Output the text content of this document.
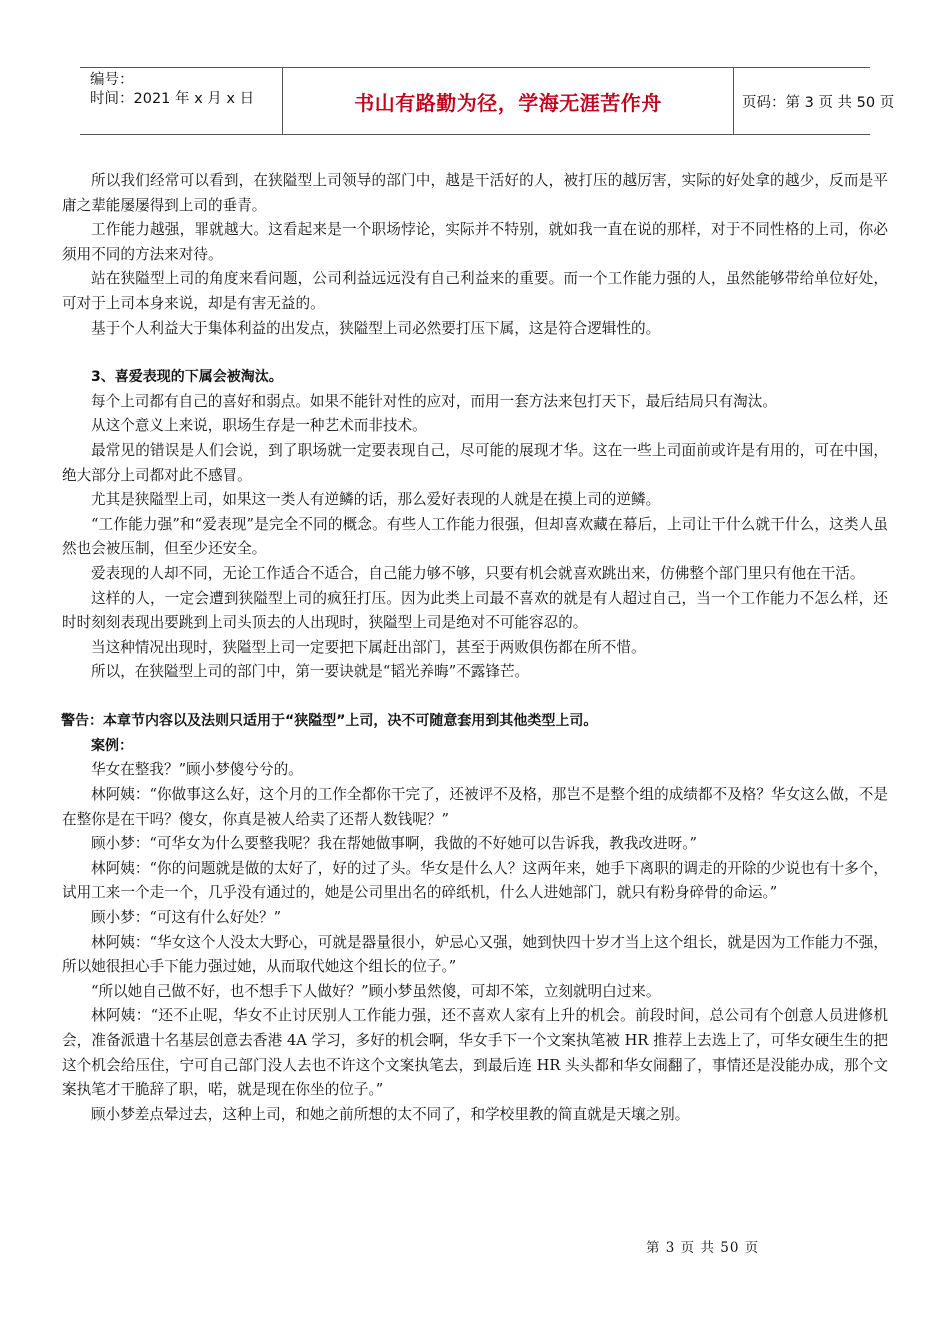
编号：
时间：2021 年 x 月 x 日	书山有路勤为径，学海无涯苦作舟	页码：第 3 页 共 50 页

所以我们经常可以看到，在狭隘型上司领导的部门中，越是干活好的人，被打压的越厉害，实际的好处拿的越少，反而是平庸之辈能屡屡得到上司的垂青。

工作能力越强，罪就越大。这看起来是一个职场悖论，实际并不特别，就如我一直在说的那样，对于不同性格的上司，你必须用不同的方法来对待。

站在狭隘型上司的角度来看问题，公司利益远远没有自己利益来的重要。而一个工作能力强的人，虽然能够带给单位好处，可对于上司本身来说，却是有害无益的。

基于个人利益大于集体利益的出发点，狭隘型上司必然要打压下属，这是符合逻辑性的。

3、喜爱表现的下属会被淘汰。

每个上司都有自己的喜好和弱点。如果不能针对性的应对，而用一套方法来包打天下，最后结局只有淘汰。

从这个意义上来说，职场生存是一种艺术而非技术。

最常见的错误是人们会说，到了职场就一定要表现自己，尽可能的展现才华。这在一些上司面前或许是有用的，可在中国，绝大部分上司都对此不感冒。

尤其是狭隘型上司，如果这一类人有逆鳞的话，那么爱好表现的人就是在摸上司的逆鳞。

“工作能力强”和“爱表现”是完全不同的概念。有些人工作能力很强，但却喜欢藏在幕后，上司让干什么就干什么，这类人虽然也会被压制，但至少还安全。

爱表现的人却不同，无论工作适合不适合，自己能力够不够，只要有机会就喜欢跳出来，仿佛整个部门里只有他在干活。

这样的人，一定会遭到狭隘型上司的疯狂打压。因为此类上司最不喜欢的就是有人超过自己，当一个工作能力不怎么样，还时时刻刻表现出要跳到上司头顶去的人出现时，狭隘型上司是绝对不可能容忍的。

当这种情况出现时，狭隘型上司一定要把下属赶出部门，甚至于两败俱伤都在所不惜。

所以，在狭隘型上司的部门中，第一要诀就是“韬光养晦”不露锋芒。

警告：本章节内容以及法则只适用于“狭隘型”上司，决不可随意套用到其他类型上司。

案例：

华女在整我？”顾小梦傻兮兮的。

林阿姨：“你做事这么好，这个月的工作全都你干完了，还被评不及格，那岂不是整个组的成绩都不及格？华女这么做，不是在整你是在干吗？傻女，你真是被人给卖了还帮人数钱呢？”

顾小梦：“可华女为什么要整我呢？我在帮她做事啊，我做的不好她可以告诉我，教我改进呀。”

林阿姨：“你的问题就是做的太好了，好的过了头。华女是什么人？这两年来，她手下离职的调走的开除的少说也有十多个，试用工来一个走一个，几乎没有通过的，她是公司里出名的碎纸机，什么人进她部门，就只有粉身碎骨的命运。”

顾小梦：“可这有什么好处？”

林阿姨：“华女这个人没太大野心，可就是器量很小，妒忌心又强，她到快四十岁才当上这个组长，就是因为工作能力不强，所以她很担心手下能力强过她，从而取代她这个组长的位子。”

“所以她自己做不好，也不想手下人做好？”顾小梦虽然傻，可却不笨，立刻就明白过来。

林阿姨：“还不止呢，华女不止讨厌别人工作能力强，还不喜欢人家有上升的机会。前段时间，总公司有个创意人员进修机会，准备派遣十名基层创意去香港 4A 学习，多好的机会啊，华女手下一个文案执笔被 HR 推荐上去选上了，可华女硬生生的把这个机会给压住，宁可自己部门没人去也不许这个文案执笔去，到最后连 HR 头头都和华女闹翻了，事情还是没能办成，那个文案执笔才干脆辞了职，喏，就是现在你坐的位子。”

顾小梦差点晕过去，这种上司，和她之前所想的太不同了，和学校里教的简直就是天壤之别。

第 3 页 共 50 页
